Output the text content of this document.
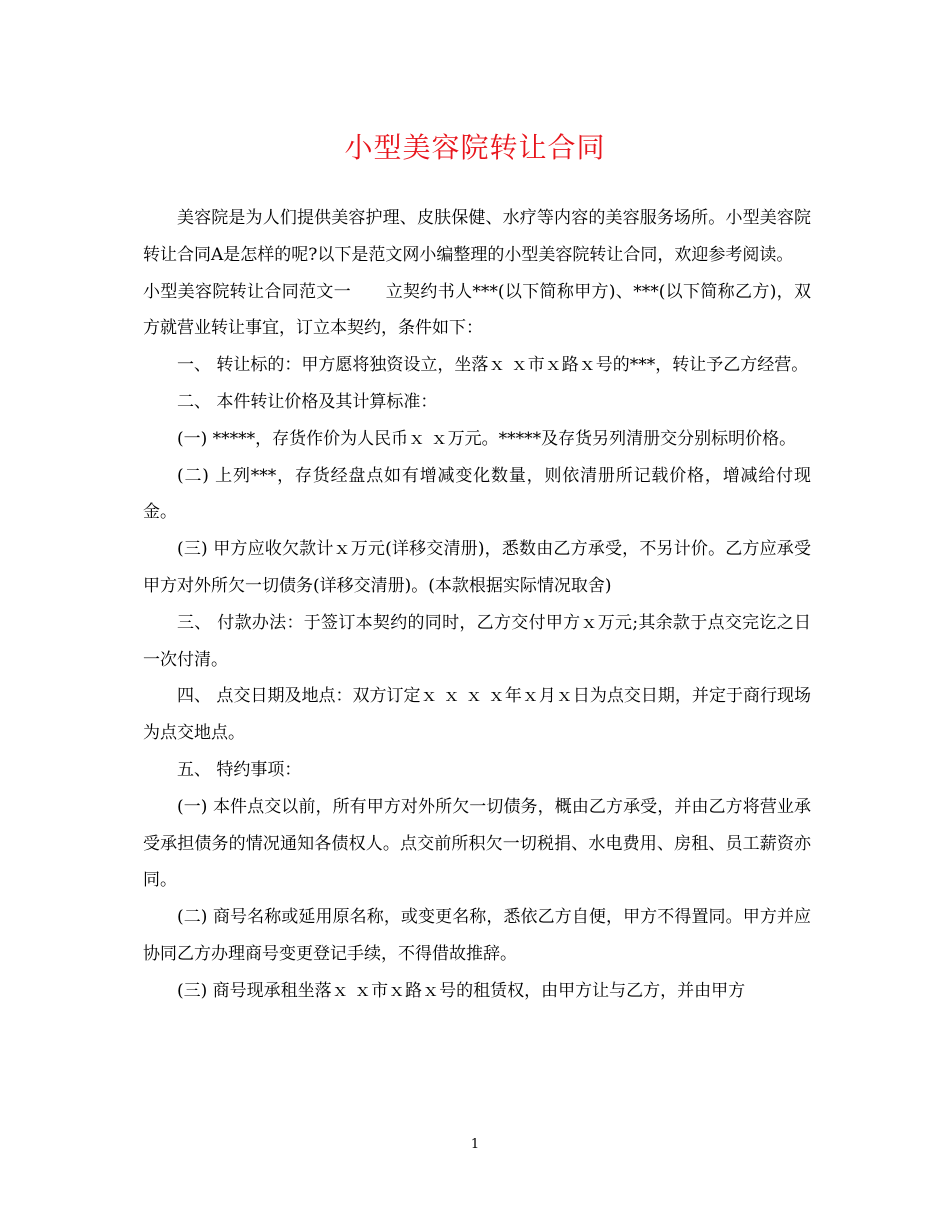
小型美容院转让合同

美容院是为人们提供美容护理、皮肤保健、水疗等内容的美容服务场所。小型美容院转让合同A是怎样的呢?以下是范文网小编整理的小型美容院转让合同，欢迎参考阅读。

小型美容院转让合同范文一　　立契约书人***(以下简称甲方)、***(以下简称乙方)，双方就营业转让事宜，订立本契约，条件如下：

一、 转让标的：甲方愿将独资设立，坐落ｘ ｘ市ｘ路ｘ号的***，转让予乙方经营。

二、 本件转让价格及其计算标准：

(一) *****，存货作价为人民币ｘ ｘ万元。*****及存货另列清册交分别标明价格。

(二) 上列***，存货经盘点如有增减变化数量，则依清册所记载价格，增减给付现金。

(三) 甲方应收欠款计ｘ万元(详移交清册)，悉数由乙方承受，不另计价。乙方应承受甲方对外所欠一切债务(详移交清册)。(本款根据实际情况取舍)

三、 付款办法：于签订本契约的同时，乙方交付甲方ｘ万元;其余款于点交完讫之日一次付清。

四、 点交日期及地点：双方订定ｘ ｘ ｘ ｘ年ｘ月ｘ日为点交日期，并定于商行现场为点交地点。

五、 特约事项：

(一) 本件点交以前，所有甲方对外所欠一切债务，概由乙方承受，并由乙方将营业承受承担债务的情况通知各债权人。点交前所积欠一切税捐、水电费用、房租、员工薪资亦同。

(二) 商号名称或延用原名称，或变更名称，悉依乙方自便，甲方不得置同。甲方并应协同乙方办理商号变更登记手续，不得借故推辞。

(三) 商号现承租坐落ｘ ｘ市ｘ路ｘ号的租赁权，由甲方让与乙方，并由甲方

1
